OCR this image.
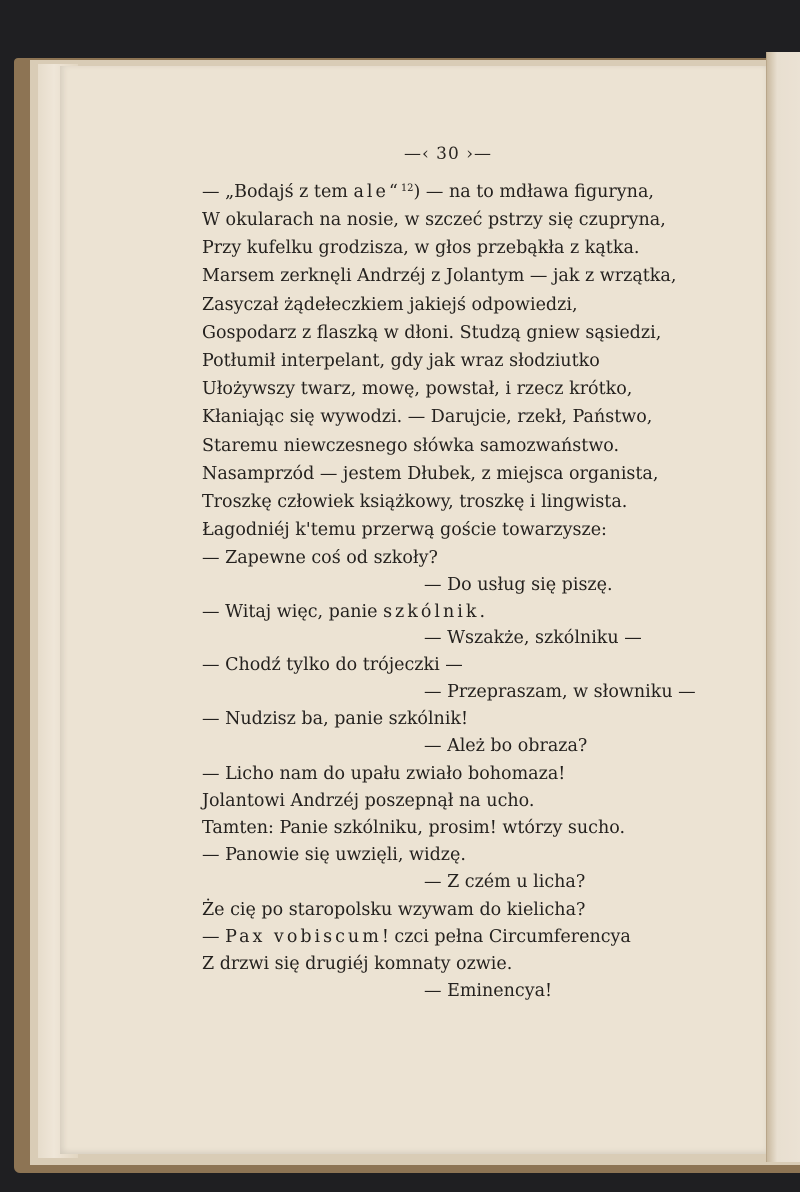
—‹ 30 ›—
— „Bodajś z tem ale“$^{12}$) — na to mdława figuryna,
W okularach na nosie, w szczeć pstrzy się czupryna,
Przy kufelku grodzisza, w głos przebąkła z kątka.
Marsem zerknęli Andrzéj z Jolantym — jak z wrzątka,
Zasyczał żądełeczkiem jakiejś odpowiedzi,
Gospodarz z flaszką w dłoni. Studzą gniew sąsiedzi,
Potłumił interpelant, gdy jak wraz słodziutko
Ułożywszy twarz, mowę, powstał, i rzecz krótko,
Kłaniając się wywodzi. — Darujcie, rzekł, Państwo,
Staremu niewczesnego słówka samozwaństwo.
Nasamprzód — jestem Dłubek, z miejsca organista,
Troszkę człowiek książkowy, troszkę i lingwista.
Łagodniéj k'temu przerwą goście towarzysze:
— Zapewne coś od szkoły?
— Do usług się piszę.
— Witaj więc, panie szkólnik.
— Wszakże, szkólniku —
— Chodź tylko do trójeczki —
— Przepraszam, w słowniku —
— Nudzisz ba, panie szkólnik!
— Ależ bo obraza?
— Licho nam do upału zwiało bohomaza!
Jolantowi Andrzéj poszepnął na ucho.
Tamten: Panie szkólniku, prosim! wtórzy sucho.
— Panowie się uwzięli, widzę.
— Z czém u licha?
Że cię po staropolsku wzywam do kielicha?
— Pax vobiscum! czci pełna Circumferencya
Z drzwi się drugiéj komnaty ozwie.
— Eminencya!
